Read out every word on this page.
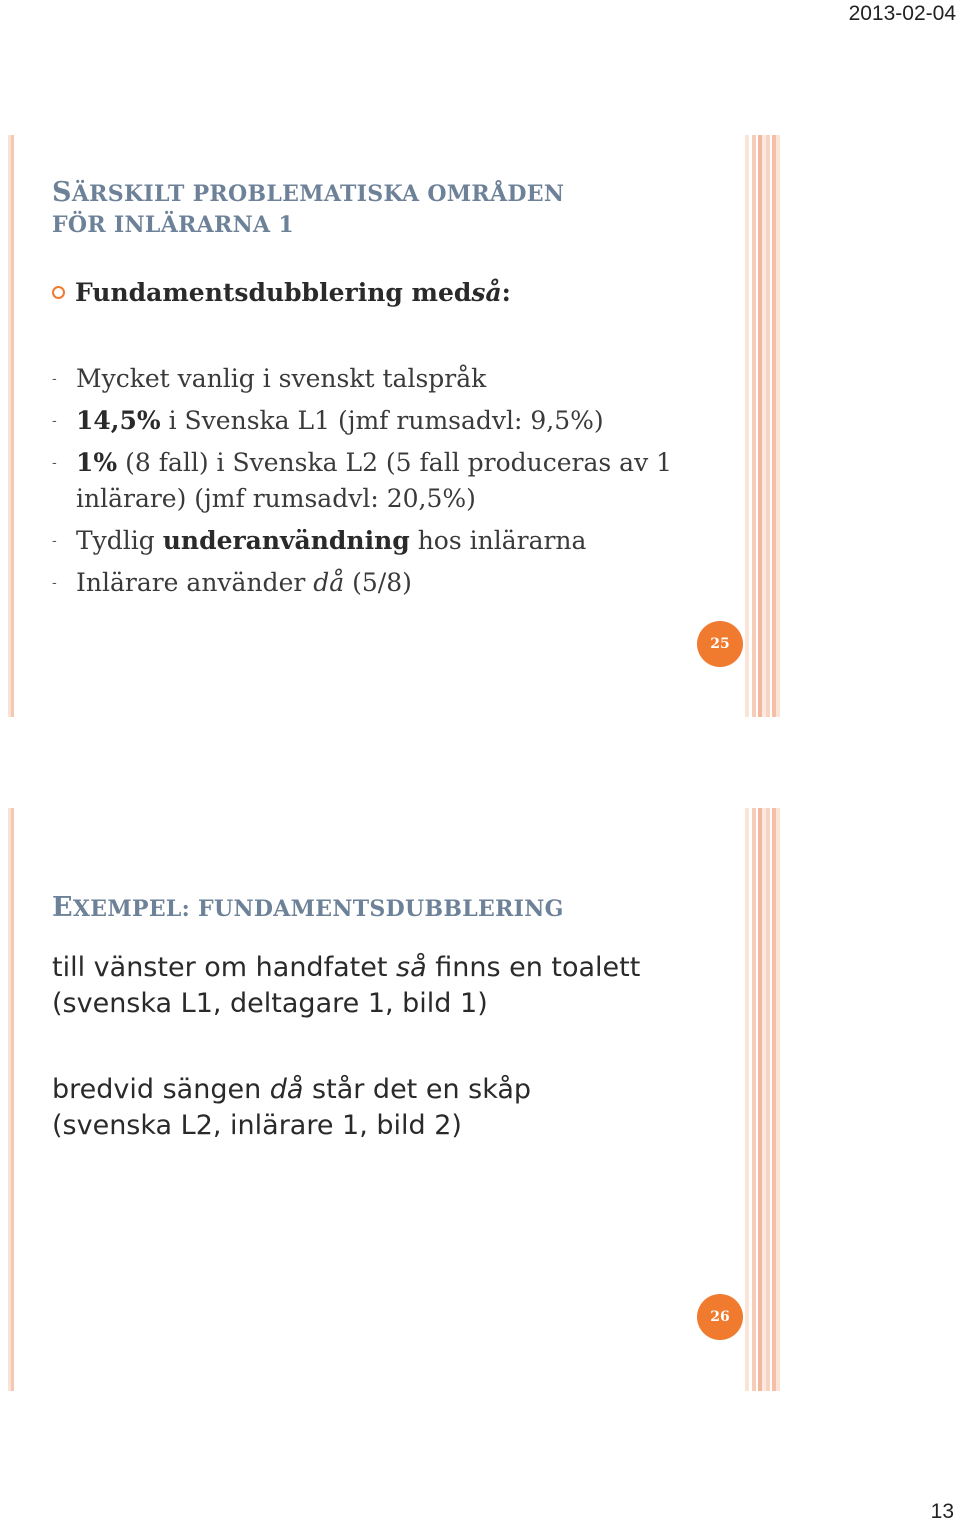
2013-02-04
SÄRSKILT PROBLEMATISKA OMRÅDEN
FÖR INLÄRARNA 1
Fundamentsdubblering med så :
- Mycket vanlig i svenskt talspråk
- 14,5% i Svenska L1 (jmf rumsadvl: 9,5%)
- 1% (8 fall) i Svenska L2 (5 fall produceras av 1 inlärare) (jmf rumsadvl: 20,5%)
- Tydlig underanvändning hos inlärarna
- Inlärare använder då (5/8)
25
EXEMPEL: FUNDAMENTSDUBBLERING
till vänster om handfatet så finns en toalett
(svenska L1, deltagare 1, bild 1)
bredvid sängen då står det en skåp
(svenska L2, inlärare 1, bild 2)
26
13
